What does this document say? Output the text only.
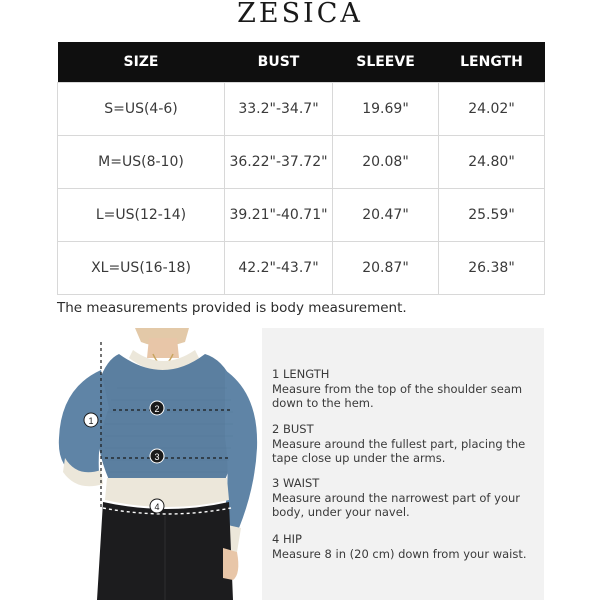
ZESICA
SIZE	BUST	SLEEVE	LENGTH
S=US(4-6)	33.2"-34.7"	19.69"	24.02"
M=US(8-10)	36.22"-37.72"	20.08"	24.80"
L=US(12-14)	39.21"-40.71"	20.47"	25.59"
XL=US(16-18)	42.2"-43.7"	20.87"	26.38"
The measurements provided is body measurement.
1
2
3
4
1 LENGTH
Measure from the top of the shoulder seam down to the hem.
2 BUST
Measure around the fullest part, placing the tape close up under the arms.
3 WAIST
Measure around the narrowest part of your body, under your navel.
4 HIP
Measure 8 in (20 cm) down from your waist.
